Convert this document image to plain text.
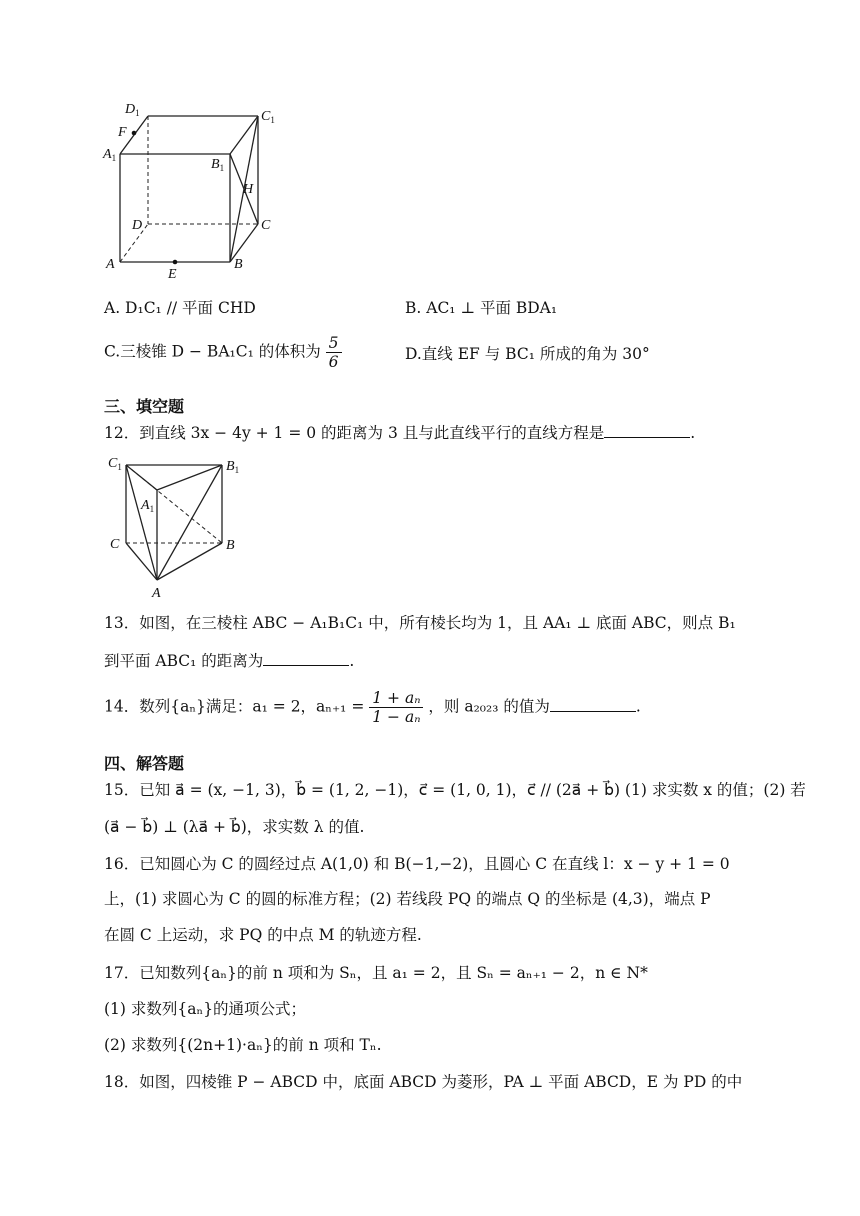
$D_1$	$C_1$
F
$A_1$	$B_1$
H
D	C
A
E
B
A. D₁C₁ // 平面 CHD	B. AC₁ ⊥ 平面 BDA₁
C.三棱锥 D − BA₁C₁ 的体积为 $\frac{5}{6}$	D.直线 EF 与 BC₁ 所成的角为 30°
三、填空题
12．到直线 3x − 4y + 1 = 0 的距离为 3 且与此直线平行的直线方程是	.
$C_1$	$B_1$
$A_1$
C	B
A
13．如图，在三棱柱 ABC − A₁B₁C₁ 中，所有棱长均为 1，且 AA₁ ⊥ 底面 ABC，则点 B₁
到平面 ABC₁ 的距离为	.
14．数列{aₙ}满足：a₁ = 2，$a_{n+1} = \frac{\text{1 + aₙ}}{\text{1 − aₙ}}$ ，则 a₂₀₂₃ 的值为	.
四、解答题
15．已知 a⃗ = (x, −1, 3)，b⃗ = (1, 2, −1)，c⃗ = (1, 0, 1)，c⃗ // (2a⃗ + b⃗) (1) 求实数 x 的值；(2) 若
(a⃗ − b⃗) ⊥ (λa⃗ + b⃗)，求实数 λ 的值.
16．已知圆心为 C 的圆经过点 A(1,0) 和 B(−1,−2)，且圆心 C 在直线 l：x − y + 1 = 0
上，(1) 求圆心为 C 的圆的标准方程；(2) 若线段 PQ 的端点 Q 的坐标是 (4,3)，端点 P
在圆 C 上运动，求 PQ 的中点 M 的轨迹方程.
17．已知数列{aₙ}的前 n 项和为 Sₙ，且 a₁ = 2，且 Sₙ = aₙ₊₁ − 2，n ∈ N*
(1) 求数列{aₙ}的通项公式；
(2) 求数列{(2n+1)·aₙ}的前 n 项和 Tₙ.
18．如图，四棱锥 P − ABCD 中，底面 ABCD 为菱形，PA ⊥ 平面 ABCD，E 为 PD 的中
